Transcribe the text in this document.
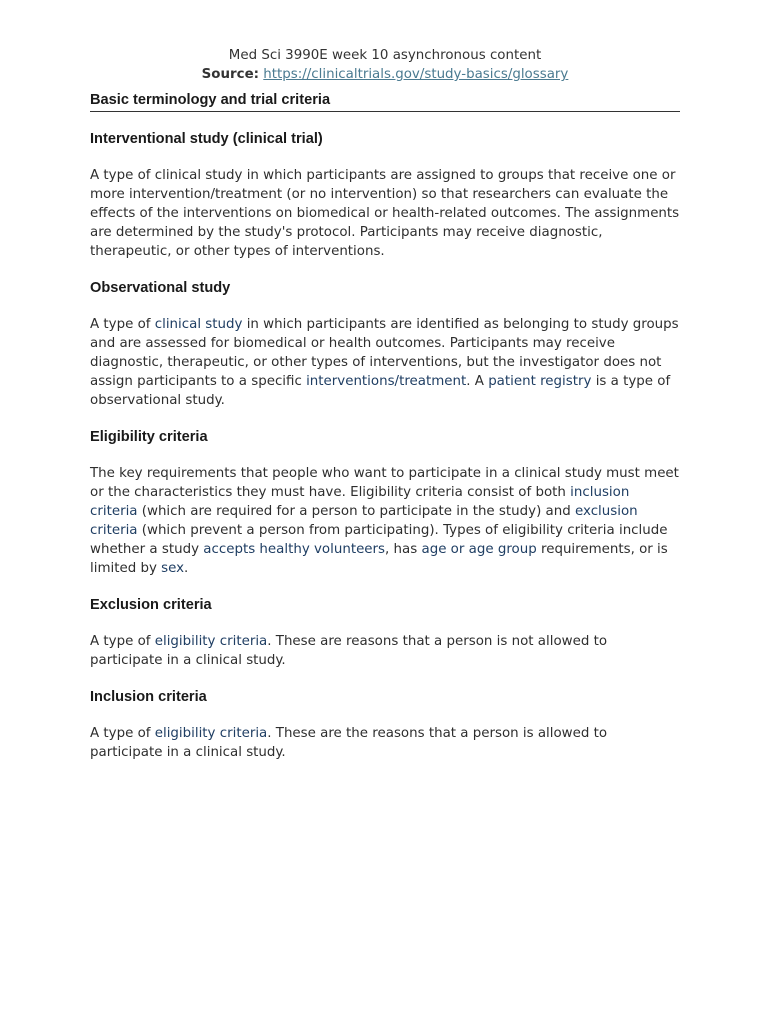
Med Sci 3990E week 10 asynchronous content
Source: https://clinicaltrials.gov/study-basics/glossary
Basic terminology and trial criteria
Interventional study (clinical trial)

A type of clinical study in which participants are assigned to groups that receive one or more intervention/treatment (or no intervention) so that researchers can evaluate the effects of the interventions on biomedical or health-related outcomes. The assignments are determined by the study's protocol. Participants may receive diagnostic, therapeutic, or other types of interventions.

Observational study

A type of clinical study in which participants are identified as belonging to study groups and are assessed for biomedical or health outcomes. Participants may receive diagnostic, therapeutic, or other types of interventions, but the investigator does not assign participants to a specific interventions/treatment. A patient registry is a type of observational study.

Eligibility criteria

The key requirements that people who want to participate in a clinical study must meet or the characteristics they must have. Eligibility criteria consist of both inclusion criteria (which are required for a person to participate in the study) and exclusion criteria (which prevent a person from participating). Types of eligibility criteria include whether a study accepts healthy volunteers, has age or age group requirements, or is limited by sex.

Exclusion criteria

A type of eligibility criteria. These are reasons that a person is not allowed to participate in a clinical study.

Inclusion criteria

A type of eligibility criteria. These are the reasons that a person is allowed to participate in a clinical study.
